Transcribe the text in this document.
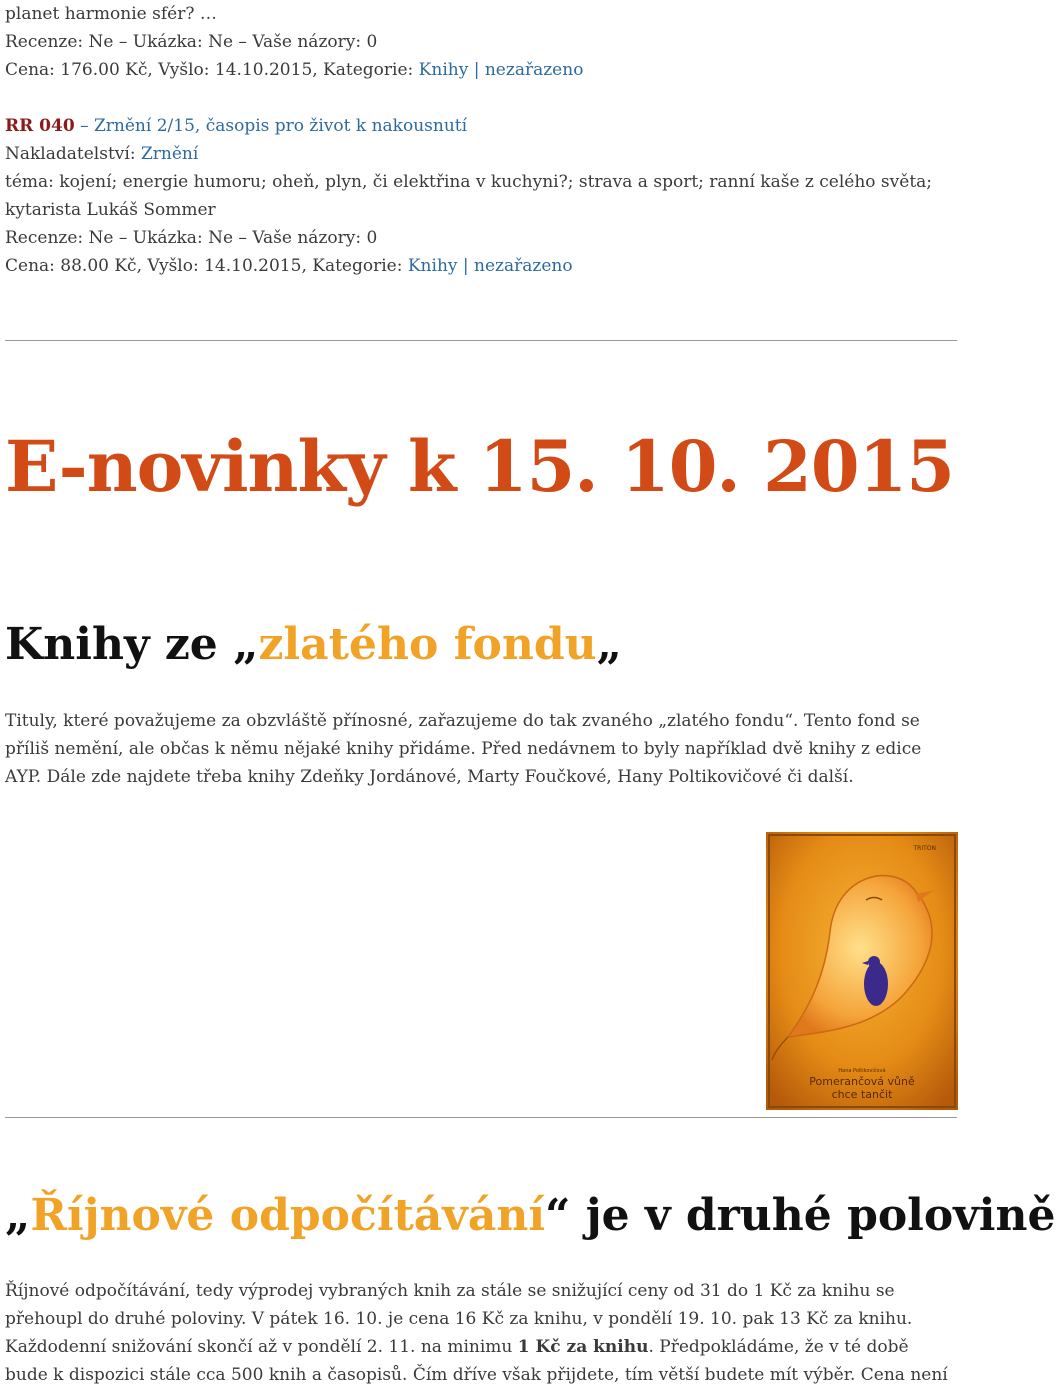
planet harmonie sfér? …

Recenze: Ne – Ukázka: Ne – Vaše názory: 0

Cena: 176.00 Kč, Vyšlo: 14.10.2015, Kategorie: Knihy | nezařazeno

RR 040 – Zrnění 2/15, časopis pro život k nakousnutí

Nakladatelství: Zrnění

téma: kojení; energie humoru; oheň, plyn, či elektřina v kuchyni?; strava a sport; ranní kaše z celého světa;

kytarista Lukáš Sommer

Recenze: Ne – Ukázka: Ne – Vaše názory: 0

Cena: 88.00 Kč, Vyšlo: 14.10.2015, Kategorie: Knihy | nezařazeno

E-novinky k 15. 10. 2015
Knihy ze „zlatého fondu„

Tituly, které považujeme za obzvláště přínosné, zařazujeme do tak zvaného „zlatého fondu“. Tento fond se příliš nemění, ale občas k němu nějaké knihy přidáme. Před nedávnem to byly například dvě knihy z edice AYP. Dále zde najdete třeba knihy Zdeňky Jordánové, Marty Foučkové, Hany Poltikovičové či další.

TRITON
Hana Poltikovičová
Pomerančová vůně
chce tančit
„Říjnové odpočítávání“ je v druhé polovině

Říjnové odpočítávání, tedy výprodej vybraných knih za stále se snižující ceny od 31 do 1 Kč za knihu se přehoupl do druhé poloviny. V pátek 16. 10. je cena 16 Kč za knihu, v pondělí 19. 10. pak 13 Kč za knihu. Každodenní snižování skončí až v pondělí 2. 11. na minimu 1 Kč za knihu. Předpokládáme, že v té době bude k dispozici stále cca 500 knih a časopisů. Čím dříve však přijdete, tím větší budete mít výběr. Cena není
